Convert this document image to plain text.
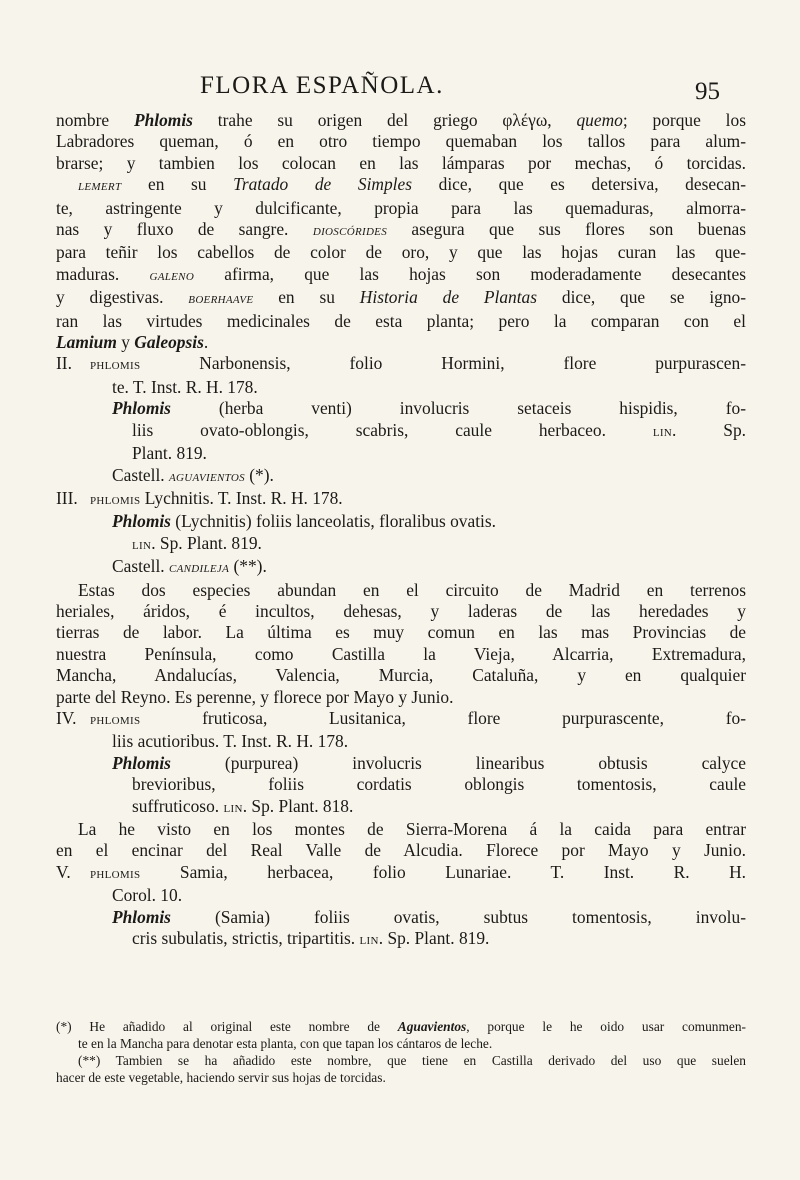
FLORA ESPAÑOLA.	95

nombre Phlomis trahe su origen del griego φλέγω, quemo; porque los

Labradores queman, ó en otro tiempo quemaban los tallos para alum-

brarse; y tambien los colocan en las lámparas por mechas, ó torcidas.

lemert en su Tratado de Simples dice, que es detersiva, desecan-

te, astringente y dulcificante, propia para las quemaduras, almorra-

nas y fluxo de sangre. dioscórides asegura que sus flores son buenas

para teñir los cabellos de color de oro, y que las hojas curan las que-

maduras. galeno afirma, que las hojas son moderadamente desecantes

y digestivas. boerhaave en su Historia de Plantas dice, que se igno-

ran las virtudes medicinales de esta planta; pero la comparan con el

Lamium y Galeopsis.

II. phlomis Narbonensis, folio Hormini, flore purpurascen-

te. T. Inst. R. H. 178.

Phlomis (herba venti) involucris setaceis hispidis, fo-

liis ovato-oblongis, scabris, caule herbaceo. lin. Sp.

Plant. 819.

Castell. aguavientos (*).

III. phlomis Lychnitis. T. Inst. R. H. 178.

Phlomis (Lychnitis) foliis lanceolatis, floralibus ovatis.

lin. Sp. Plant. 819.

Castell. candileja (**).

Estas dos especies abundan en el circuito de Madrid en terrenos

heriales, áridos, é incultos, dehesas, y laderas de las heredades y

tierras de labor. La última es muy comun en las mas Provincias de

nuestra Península, como Castilla la Vieja, Alcarria, Extremadura,

Mancha, Andalucías, Valencia, Murcia, Cataluña, y en qualquier

parte del Reyno. Es perenne, y florece por Mayo y Junio.

IV. phlomis fruticosa, Lusitanica, flore purpurascente, fo-

liis acutioribus. T. Inst. R. H. 178.

Phlomis (purpurea) involucris linearibus obtusis calyce

brevioribus, foliis cordatis oblongis tomentosis, caule

suffruticoso. lin. Sp. Plant. 818.

La he visto en los montes de Sierra-Morena á la caida para entrar

en el encinar del Real Valle de Alcudia. Florece por Mayo y Junio.

V. phlomis Samia, herbacea, folio Lunariae. T. Inst. R. H.

Corol. 10.

Phlomis (Samia) foliis ovatis, subtus tomentosis, involu-

cris subulatis, strictis, tripartitis. lin. Sp. Plant. 819.

(*) He añadido al original este nombre de Aguavientos, porque le he oido usar comunmen-

te en la Mancha para denotar esta planta, con que tapan los cántaros de leche.

(**) Tambien se ha añadido este nombre, que tiene en Castilla derivado del uso que suelen

hacer de este vegetable, haciendo servir sus hojas de torcidas.
